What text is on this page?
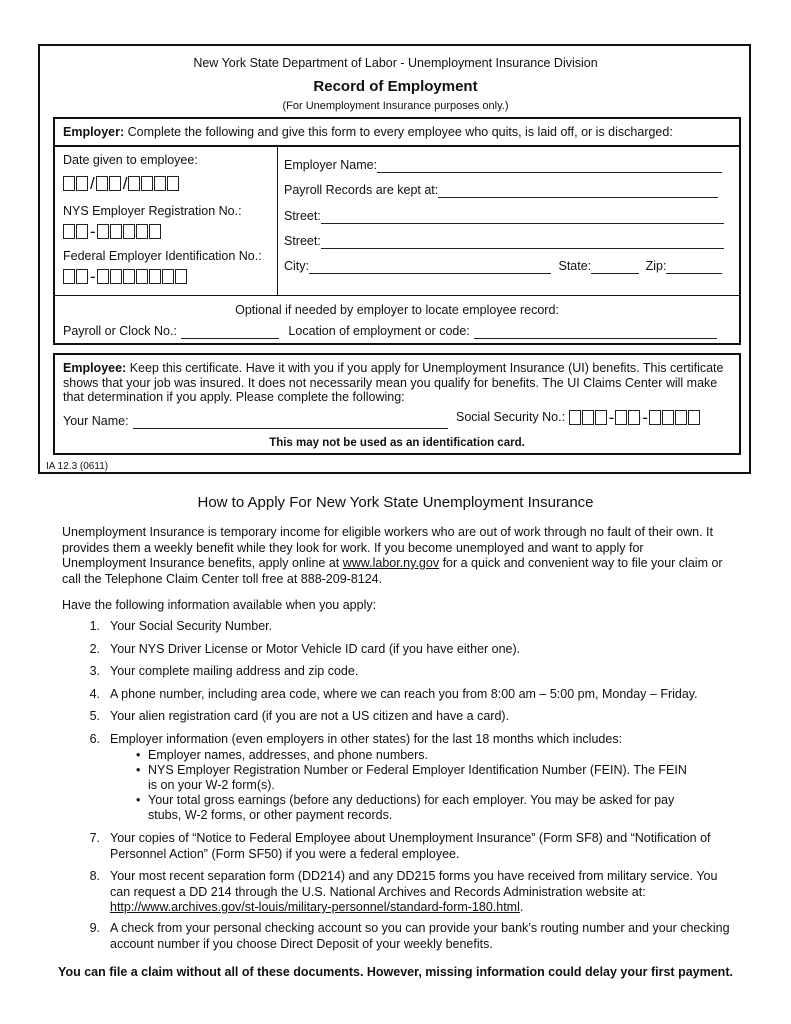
New York State Department of Labor - Unemployment Insurance Division
Record of Employment
(For Unemployment Insurance purposes only.)
Employer: Complete the following and give this form to every employee who quits, is laid off, or is discharged:
Date given to employee:
/ /
NYS Employer Registration No.:
-
Federal Employer Identification No.:
-
Employer Name:
Payroll Records are kept at:
Street:
Street:
City:	State:	Zip:
Optional if needed by employer to locate employee record:
Payroll or Clock No.:	Location of employment or code:
Employee: Keep this certificate. Have it with you if you apply for Unemployment Insurance (UI) benefits. This certificate shows that your job was insured. It does not necessarily mean you qualify for benefits. The UI Claims Center will make that determination if you apply. Please complete the following:
Your Name:	Social Security No.:	- -
This may not be used as an identification card.
IA 12.3 (0611)
How to Apply For New York State Unemployment Insurance
Unemployment Insurance is temporary income for eligible workers who are out of work through no fault of their own. It provides them a weekly benefit while they look for work. If you become unemployed and want to apply for Unemployment Insurance benefits, apply online at www.labor.ny.gov for a quick and convenient way to file your claim or call the Telephone Claim Center toll free at 888-209-8124.
Have the following information available when you apply:
1. Your Social Security Number.
2. Your NYS Driver License or Motor Vehicle ID card (if you have either one).
3. Your complete mailing address and zip code.
4. A phone number, including area code, where we can reach you from 8:00 am – 5:00 pm, Monday – Friday.
5. Your alien registration card (if you are not a US citizen and have a card).
6. Employer information (even employers in other states) for the last 18 months which includes:
• Employer names, addresses, and phone numbers.
• NYS Employer Registration Number or Federal Employer Identification Number (FEIN). The FEIN is on your W-2 form(s).
• Your total gross earnings (before any deductions) for each employer. You may be asked for pay stubs, W-2 forms, or other payment records.
7. Your copies of “Notice to Federal Employee about Unemployment Insurance” (Form SF8) and “Notification of Personnel Action” (Form SF50) if you were a federal employee.
8. Your most recent separation form (DD214) and any DD215 forms you have received from military service. You can request a DD 214 through the U.S. National Archives and Records Administration website at:
http://www.archives.gov/st-louis/military-personnel/standard-form-180.html.
9. A check from your personal checking account so you can provide your bank’s routing number and your checking account number if you choose Direct Deposit of your weekly benefits.
You can file a claim without all of these documents. However, missing information could delay your first payment.
